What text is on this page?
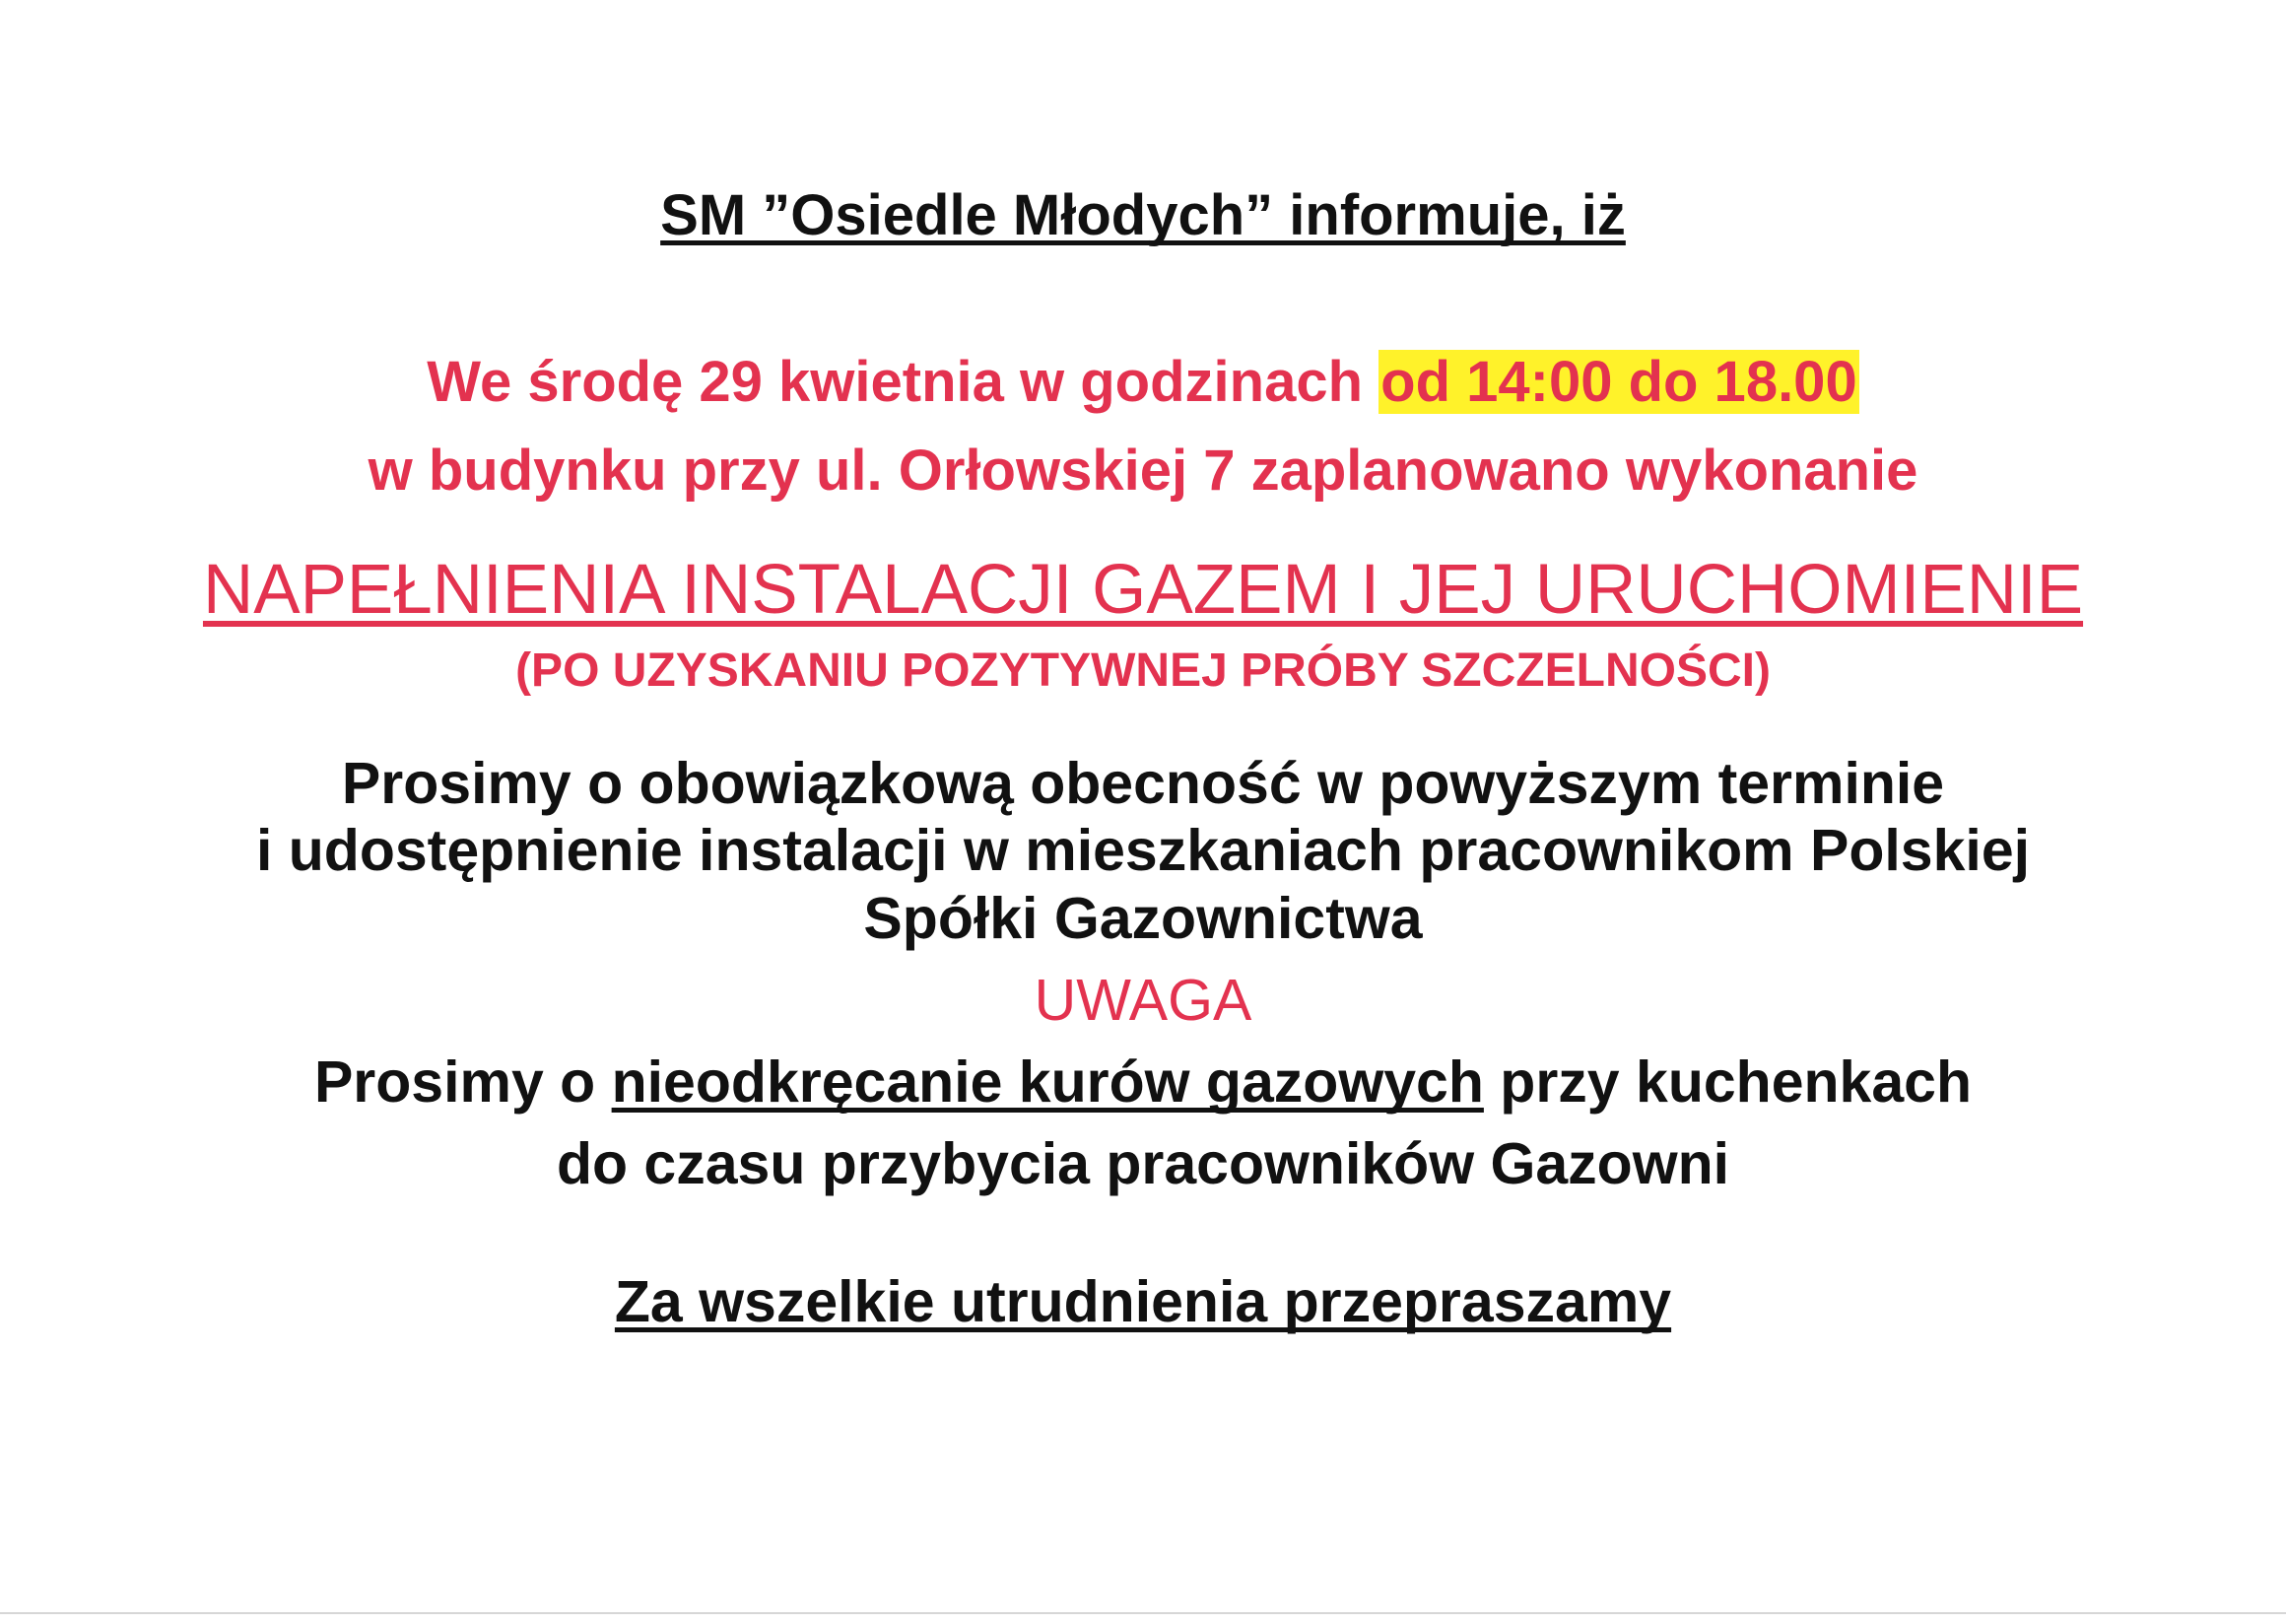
SM ”Osiedle Młodych” informuje, iż
We środę 29 kwietnia w godzinach od 14:00 do 18.00
w budynku przy ul. Orłowskiej 7 zaplanowano wykonanie
NAPEŁNIENIA INSTALACJI GAZEM I JEJ URUCHOMIENIE
(PO UZYSKANIU POZYTYWNEJ PRÓBY SZCZELNOŚCI)
Prosimy o obowiązkową obecność w powyższym terminie
i udostępnienie instalacji w mieszkaniach pracownikom Polskiej
Spółki Gazownictwa
UWAGA
Prosimy o nieodkręcanie kurów gazowych przy kuchenkach
do czasu przybycia pracowników Gazowni
Za wszelkie utrudnienia przepraszamy
